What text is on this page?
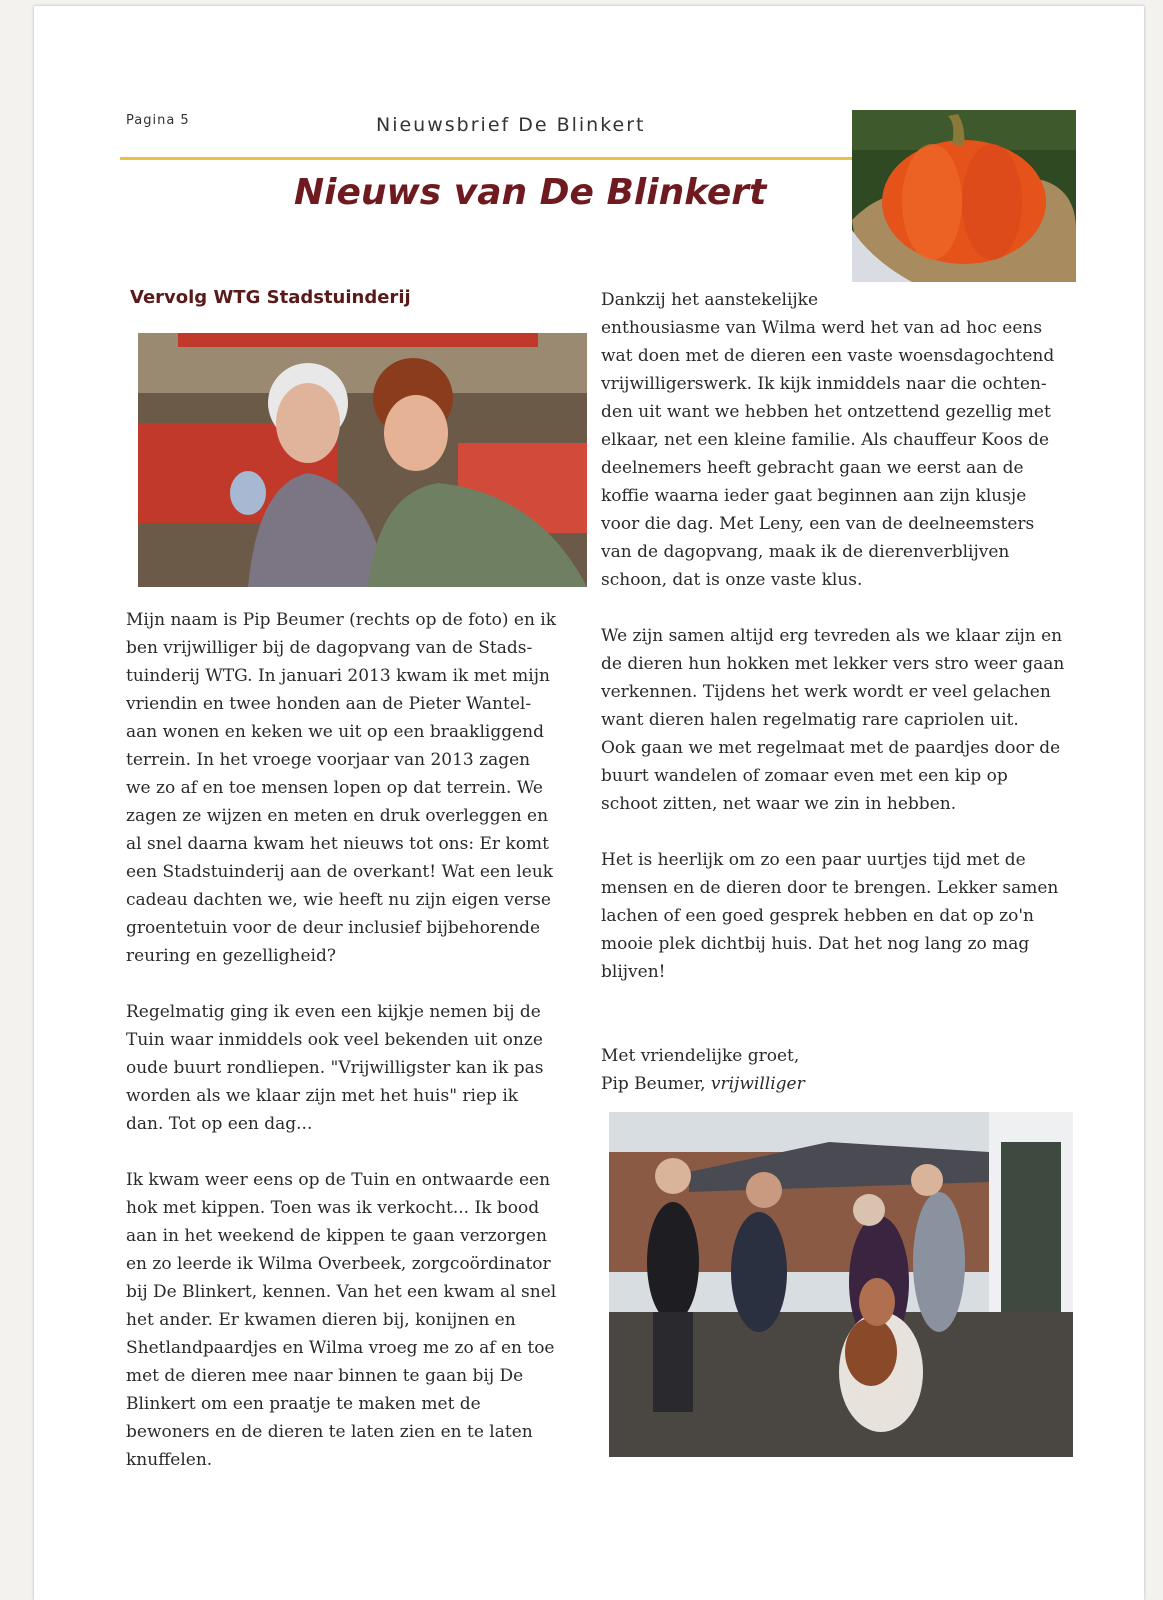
Pagina 5	Nieuwsbrief De Blinkert
Nieuws van De Blinkert
Vervolg WTG Stadstuinderij
Mijn naam is Pip Beumer (rechts op de foto) en ik
ben vrijwilliger bij de dagopvang van de Stads-
tuinderij WTG. In januari 2013 kwam ik met mijn
vriendin en twee honden aan de Pieter Wantel-
aan wonen en keken we uit op een braakliggend
terrein. In het vroege voorjaar van 2013 zagen
we zo af en toe mensen lopen op dat terrein. We
zagen ze wijzen en meten en druk overleggen en
al snel daarna kwam het nieuws tot ons: Er komt
een Stadstuinderij aan de overkant! Wat een leuk
cadeau dachten we, wie heeft nu zijn eigen verse
groentetuin voor de deur inclusief bijbehorende
reuring en gezelligheid?
Regelmatig ging ik even een kijkje nemen bij de
Tuin waar inmiddels ook veel bekenden uit onze
oude buurt rondliepen. "Vrijwilligster kan ik pas
worden als we klaar zijn met het huis" riep ik
dan. Tot op een dag...
Ik kwam weer eens op de Tuin en ontwaarde een
hok met kippen. Toen was ik verkocht... Ik bood
aan in het weekend de kippen te gaan verzorgen
en zo leerde ik Wilma Overbeek, zorgcoördinator
bij De Blinkert, kennen. Van het een kwam al snel
het ander. Er kwamen dieren bij, konijnen en
Shetlandpaardjes en Wilma vroeg me zo af en toe
met de dieren mee naar binnen te gaan bij De
Blinkert om een praatje te maken met de
bewoners en de dieren te laten zien en te laten
knuffelen.
Dankzij het aanstekelijke
enthousiasme van Wilma werd het van ad hoc eens
wat doen met de dieren een vaste woensdagochtend
vrijwilligerswerk. Ik kijk inmiddels naar die ochten-
den uit want we hebben het ontzettend gezellig met
elkaar, net een kleine familie. Als chauffeur Koos de
deelnemers heeft gebracht gaan we eerst aan de
koffie waarna ieder gaat beginnen aan zijn klusje
voor die dag. Met Leny, een van de deelneemsters
van de dagopvang, maak ik de dierenverblijven
schoon, dat is onze vaste klus.
We zijn samen altijd erg tevreden als we klaar zijn en
de dieren hun hokken met lekker vers stro weer gaan
verkennen. Tijdens het werk wordt er veel gelachen
want dieren halen regelmatig rare capriolen uit.
Ook gaan we met regelmaat met de paardjes door de
buurt wandelen of zomaar even met een kip op
schoot zitten, net waar we zin in hebben.
Het is heerlijk om zo een paar uurtjes tijd met de
mensen en de dieren door te brengen. Lekker samen
lachen of een goed gesprek hebben en dat op zo'n
mooie plek dichtbij huis. Dat het nog lang zo mag
blijven!
Met vriendelijke groet,
Pip Beumer, vrijwilliger
